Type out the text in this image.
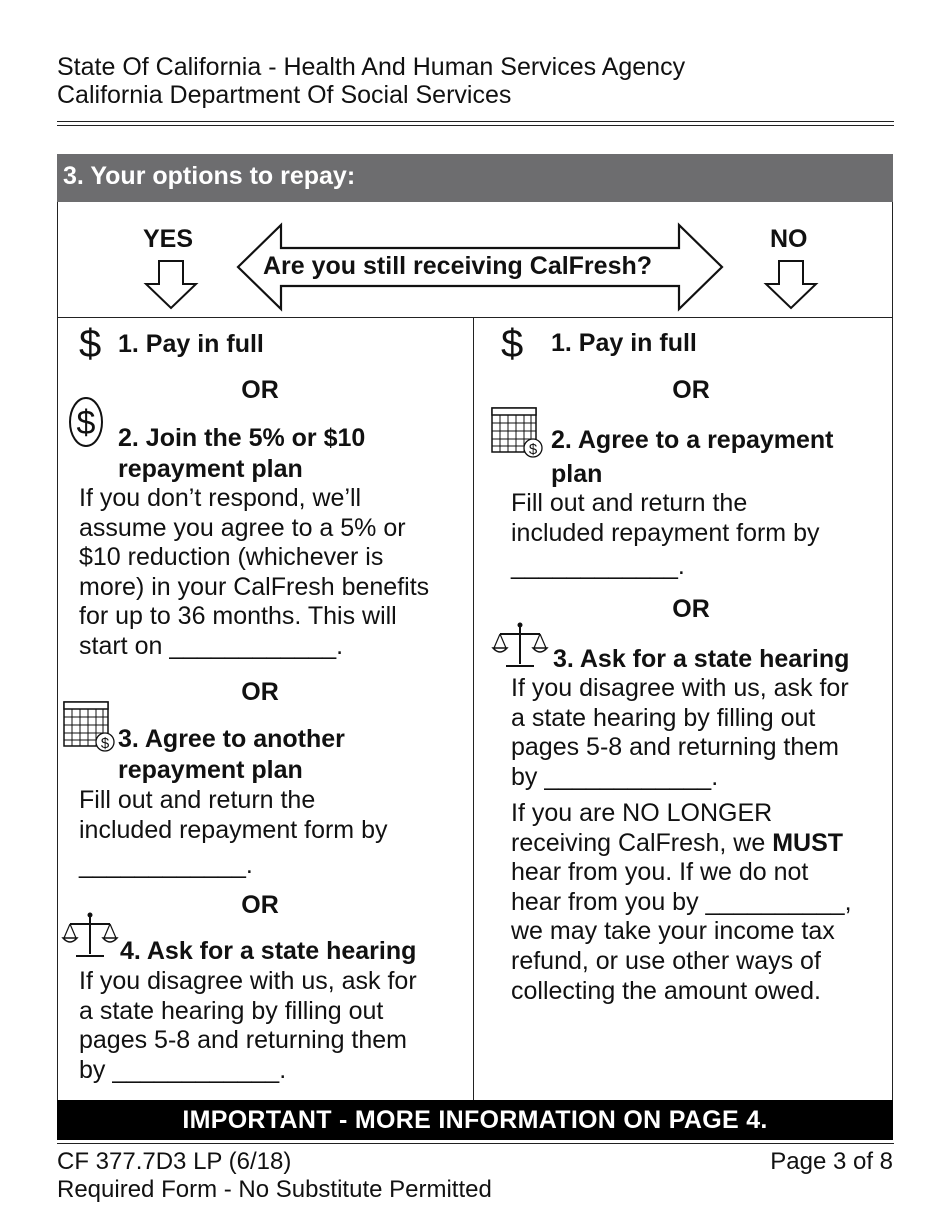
State Of California - Health And Human Services Agency
California Department Of Social Services
3. Your options to repay:
YES	NO
Are you still receiving CalFresh?
$ 1. Pay in full
OR
$ 2. Join the 5% or $10
repayment plan
If you don’t respond, we’ll
assume you agree to a 5% or
$10 reduction (whichever is
more) in your CalFresh benefits
for up to 36 months. This will
start on ____________.
OR
$ 3. Agree to another
repayment plan
Fill out and return the
included repayment form by
____________.
OR
4. Ask for a state hearing
If you disagree with us, ask for
a state hearing by filling out
pages 5-8 and returning them
by ____________.
$ 1. Pay in full
OR
$ 2. Agree to a repayment
plan
Fill out and return the
included repayment form by
____________.
OR
3. Ask for a state hearing
If you disagree with us, ask for
a state hearing by filling out
pages 5-8 and returning them
by ____________.
If you are NO LONGER
receiving CalFresh, we MUST
hear from you. If we do not
hear from you by __________,
we may take your income tax
refund, or use other ways of
collecting the amount owed.
IMPORTANT - MORE INFORMATION ON PAGE 4.
CF 377.7D3 LP (6/18)	Page 3 of 8
Required Form - No Substitute Permitted
